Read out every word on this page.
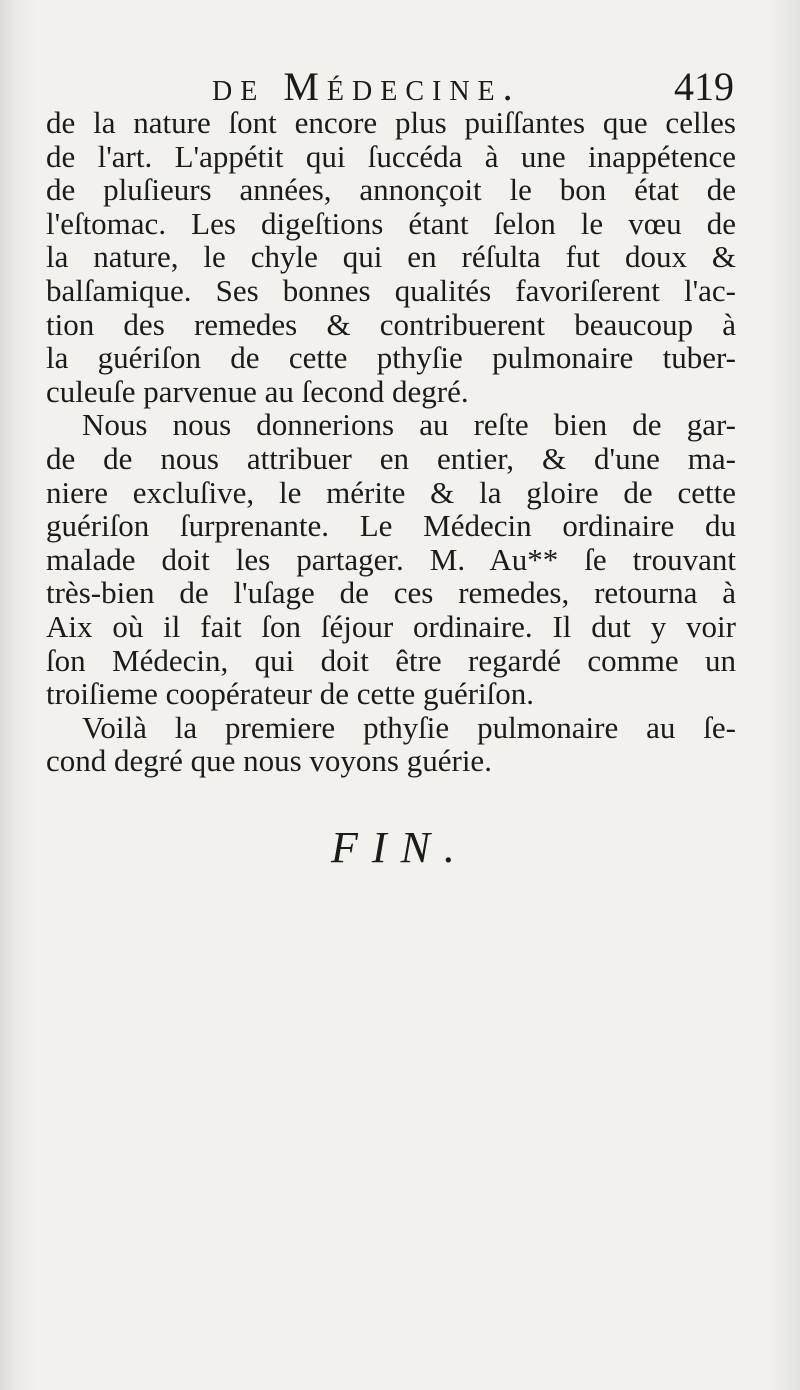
de Médecine.	419
de la nature ſont encore plus puiſſantes que celles
de l'art. L'appétit qui ſuccéda à une inappétence
de pluſieurs années, annonçoit le bon état de
l'eſtomac. Les digeſtions étant ſelon le vœu de
la nature, le chyle qui en réſulta fut doux &
balſamique. Ses bonnes qualités favoriſerent l'ac-
tion des remedes & contribuerent beaucoup à
la guériſon de cette pthyſie pulmonaire tuber-
culeuſe parvenue au ſecond degré.
Nous nous donnerions au reſte bien de gar-
de de nous attribuer en entier, & d'une ma-
niere excluſive, le mérite & la gloire de cette
guériſon ſurprenante. Le Médecin ordinaire du
malade doit les partager. M. Au** ſe trouvant
très-bien de l'uſage de ces remedes, retourna à
Aix où il fait ſon ſéjour ordinaire. Il dut y voir
ſon Médecin, qui doit être regardé comme un
troiſieme coopérateur de cette guériſon.
Voilà la premiere pthyſie pulmonaire au ſe-
cond degré que nous voyons guérie.
FIN.
